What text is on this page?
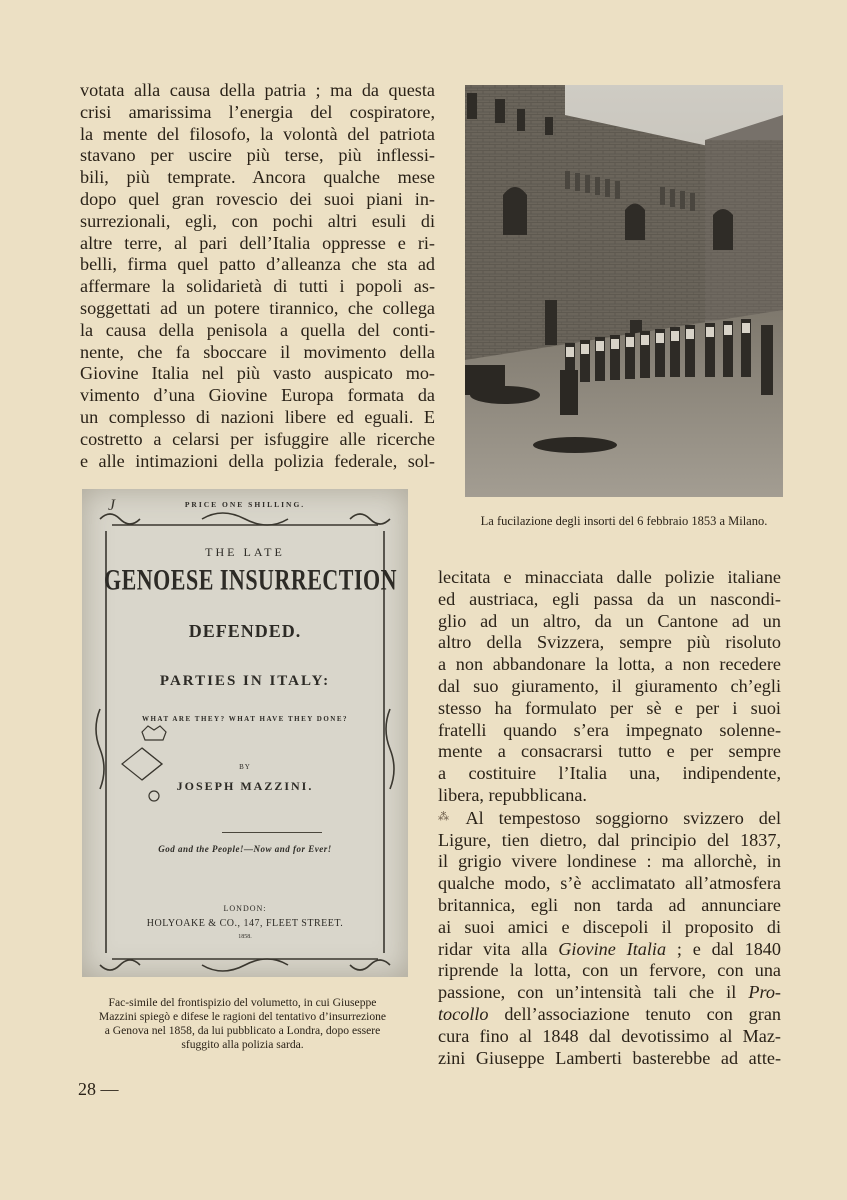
votata alla causa della patria ; ma da questa
crisi amarissima l’energia del cospiratore,
la mente del filosofo, la volontà del patriota
stavano per uscire più terse, più inflessi-
bili, più temprate. Ancora qualche mese
dopo quel gran rovescio dei suoi piani in-
surrezionali, egli, con pochi altri esuli di
altre terre, al pari dell’Italia oppresse e ri-
belli, firma quel patto d’alleanza che sta ad
affermare la solidarietà di tutti i popoli as-
soggettati ad un potere tirannico, che collega
la causa della penisola a quella del conti-
nente, che fa sboccare il movimento della
Giovine Italia nel più vasto auspicato mo-
vimento d’una Giovine Europa formata da
un complesso di nazioni libere ed eguali. E
costretto a celarsi per isfuggire alle ricerche
e alle intimazioni della polizia federale, sol-
La fucilazione degli insorti del 6 febbraio 1853 a Milano.
J	PRICE ONE SHILLING.
THE LATE
GENOESE INSURRECTION
DEFENDED.
PARTIES IN ITALY:
WHAT ARE THEY? WHAT HAVE THEY DONE?
BY
JOSEPH MAZZINI.
God and the People!—Now and for Ever!
LONDON:
HOLYOAKE & CO., 147, FLEET STREET.
1858.
Fac-simile del frontispizio del volumetto, in cui Giuseppe
Mazzini spiegò e difese le ragioni del tentativo d’insurrezione
a Genova nel 1858, da lui pubblicato a Londra, dopo essere
sfuggito alla polizia sarda.
lecitata e minacciata dalle polizie italiane
ed austriaca, egli passa da un nascondi-
glio ad un altro, da un Cantone ad un
altro della Svizzera, sempre più risoluto
a non abbandonare la lotta, a non recedere
dal suo giuramento, il giuramento ch’egli
stesso ha formulato per sè e per i suoi
fratelli quando s’era impegnato solenne-
mente a consacrarsi tutto e per sempre
a costituire l’Italia una, indipendente,
libera, repubblicana.
⁂ Al tempestoso soggiorno svizzero del
Ligure, tien dietro, dal principio del 1837,
il grigio vivere londinese : ma allorchè, in
qualche modo, s’è acclimatato all’atmosfera
britannica, egli non tarda ad annunciare
ai suoi amici e discepoli il proposito di
ridar vita alla Giovine Italia ; e dal 1840
riprende la lotta, con un fervore, con una
passione, con un’intensità tali che il Pro-
tocollo dell’associazione tenuto con gran
cura fino al 1848 dal devotissimo al Maz-
zini Giuseppe Lamberti basterebbe ad atte-
28 —
